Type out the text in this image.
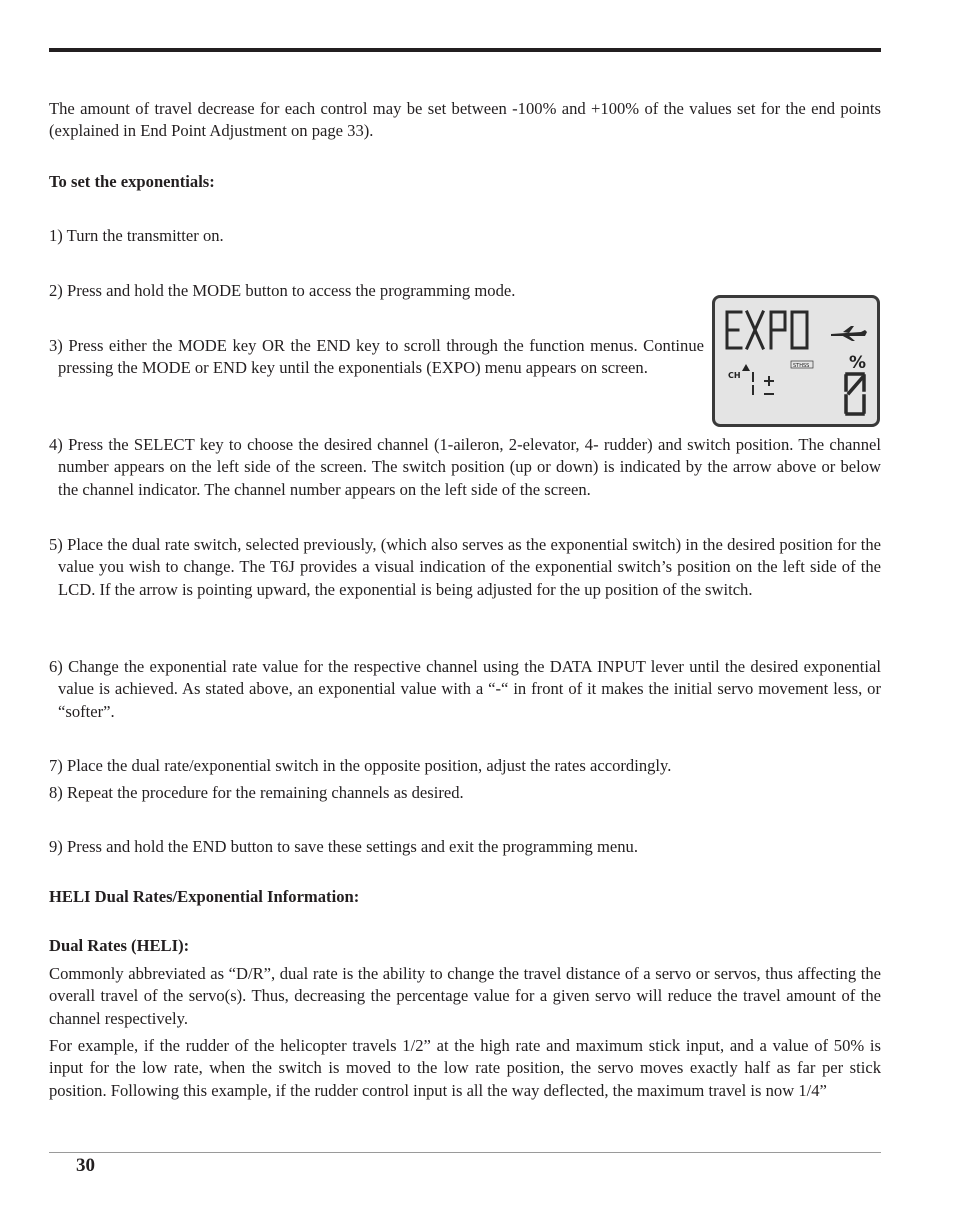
The amount of travel decrease for each control may be set between -100% and +100% of the values set for the end points (explained in End Point Adjustment on page 33).
To set the exponentials:
1) Turn the transmitter on.
2) Press and hold the MODE button to access the programming mode.
3) Press either the MODE key OR the END key to scroll through the function menus. Continue pressing the MODE or END key until the exponentials (EXPO) menu appears on screen.
4) Press the SELECT key to choose the desired channel (1-aileron, 2-elevator, 4- rudder) and switch position. The channel number appears on the left side of the screen. The switch position (up or down) is indicated by the arrow above or below the channel indicator. The channel number appears on the left side of the screen.
5) Place the dual rate switch, selected previously, (which also serves as the exponential switch) in the desired position for the value you wish to change. The T6J provides a visual indication of the exponential switch’s position on the left side of the LCD. If the arrow is pointing upward, the exponential is being adjusted for the up position of the switch.
6) Change the exponential rate value for the respective channel using the DATA INPUT lever until the desired exponential value is achieved. As stated above, an exponential value with a “-“ in front of it makes the initial servo movement less, or “softer”.
7) Place the dual rate/exponential switch in the opposite position, adjust the rates accordingly.
8) Repeat the procedure for the remaining channels as desired.
9) Press and hold the END button to save these settings and exit the programming menu.
HELI Dual Rates/Exponential Information:
Dual Rates (HELI):
Commonly abbreviated as “D/R”, dual rate is the ability to change the travel distance of a servo or servos, thus affecting the overall travel of the servo(s). Thus, decreasing the percentage value for a given servo will reduce the travel amount of the channel respectively.
For example, if the rudder of the helicopter travels 1/2” at the high rate and maximum stick input, and a value of 50% is input for the low rate, when the switch is moved to the low rate position, the servo moves exactly half as far per stick position. Following this example, if the rudder control input is all the way deflected, the maximum travel is now 1/4”
STHSS %
CH
30
